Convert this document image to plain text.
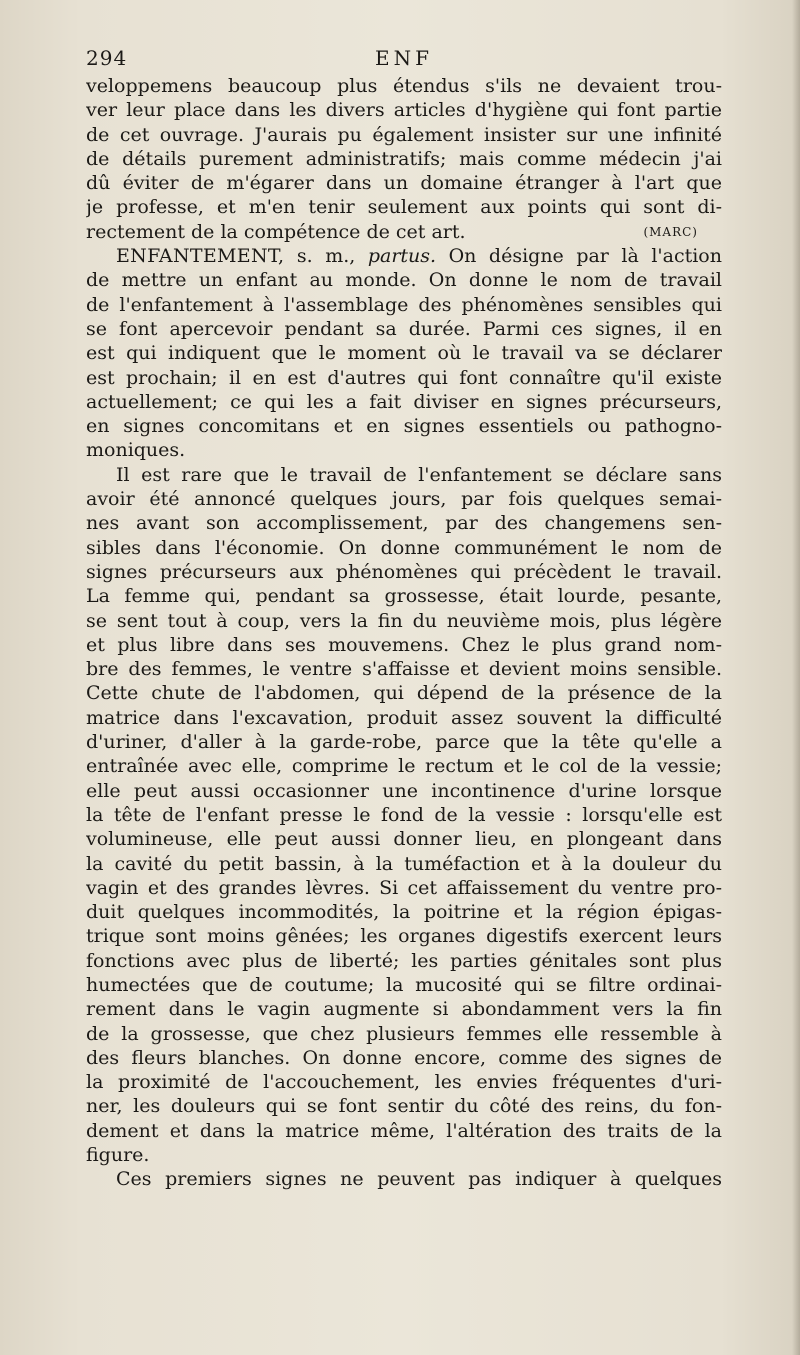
294	ENF
veloppemens beaucoup plus étendus s'ils ne devaient trou-
ver leur place dans les divers articles d'hygiène qui font partie
de cet ouvrage. J'aurais pu également insister sur une infinité
de détails purement administratifs; mais comme médecin j'ai
dû éviter de m'égarer dans un domaine étranger à l'art que
je professe, et m'en tenir seulement aux points qui sont di-
rectement de la compétence de cet art.	(MARC)
ENFANTEMENT, s. m., partus. On désigne par là l'action
de mettre un enfant au monde. On donne le nom de travail
de l'enfantement à l'assemblage des phénomènes sensibles qui
se font apercevoir pendant sa durée. Parmi ces signes, il en
est qui indiquent que le moment où le travail va se déclarer
est prochain; il en est d'autres qui font connaître qu'il existe
actuellement; ce qui les a fait diviser en signes précurseurs,
en signes concomitans et en signes essentiels ou pathogno-
moniques.
Il est rare que le travail de l'enfantement se déclare sans
avoir été annoncé quelques jours, par fois quelques semai-
nes avant son accomplissement, par des changemens sen-
sibles dans l'économie. On donne communément le nom de
signes précurseurs aux phénomènes qui précèdent le travail.
La femme qui, pendant sa grossesse, était lourde, pesante,
se sent tout à coup, vers la fin du neuvième mois, plus légère
et plus libre dans ses mouvemens. Chez le plus grand nom-
bre des femmes, le ventre s'affaisse et devient moins sensible.
Cette chute de l'abdomen, qui dépend de la présence de la
matrice dans l'excavation, produit assez souvent la difficulté
d'uriner, d'aller à la garde-robe, parce que la tête qu'elle a
entraînée avec elle, comprime le rectum et le col de la vessie;
elle peut aussi occasionner une incontinence d'urine lorsque
la tête de l'enfant presse le fond de la vessie : lorsqu'elle est
volumineuse, elle peut aussi donner lieu, en plongeant dans
la cavité du petit bassin, à la tuméfaction et à la douleur du
vagin et des grandes lèvres. Si cet affaissement du ventre pro-
duit quelques incommodités, la poitrine et la région épigas-
trique sont moins gênées; les organes digestifs exercent leurs
fonctions avec plus de liberté; les parties génitales sont plus
humectées que de coutume; la mucosité qui se filtre ordinai-
rement dans le vagin augmente si abondamment vers la fin
de la grossesse, que chez plusieurs femmes elle ressemble à
des fleurs blanches. On donne encore, comme des signes de
la proximité de l'accouchement, les envies fréquentes d'uri-
ner, les douleurs qui se font sentir du côté des reins, du fon-
dement et dans la matrice même, l'altération des traits de la
figure.
Ces premiers signes ne peuvent pas indiquer à quelques
